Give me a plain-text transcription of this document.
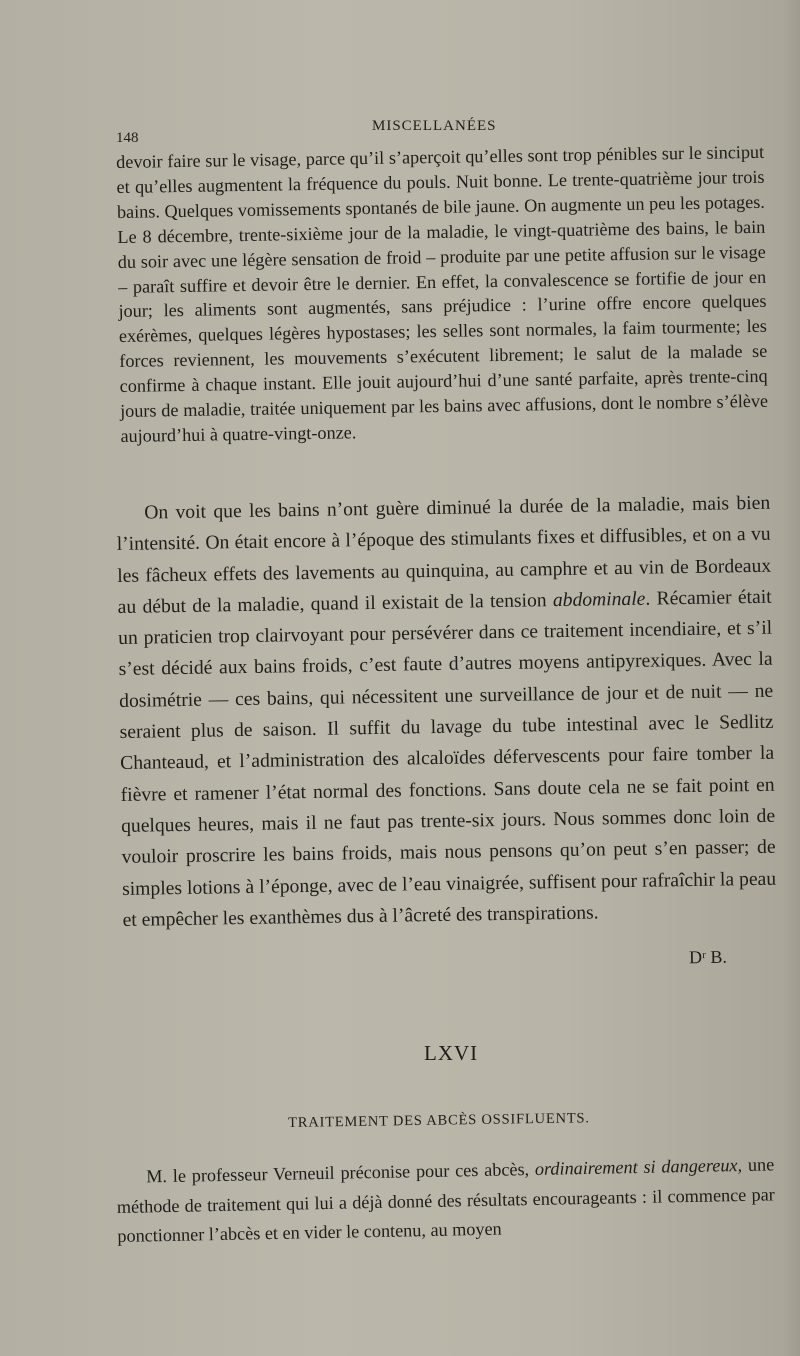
148
MISCELLANÉES

devoir faire sur le visage, parce qu’il s’aperçoit qu’elles sont trop pénibles sur le sinciput et qu’elles augmentent la fréquence du pouls. Nuit bonne. Le trente-quatrième jour trois bains. Quelques vomissements spontanés de bile jaune. On augmente un peu les potages. Le 8 décembre, trente-sixième jour de la maladie, le vingt-quatrième des bains, le bain du soir avec une légère sensation de froid – produite par une petite affusion sur le visage – paraît suffire et devoir être le dernier. En effet, la convalescence se fortifie de jour en jour; les aliments sont augmentés, sans préjudice : l’urine offre encore quelques exérèmes, quelques légères hypostases; les selles sont normales, la faim tourmente; les forces reviennent, les mouvements s’exécutent librement; le salut de la malade se confirme à chaque instant. Elle jouit aujourd’hui d’une santé parfaite, après trente-cinq jours de maladie, traitée uniquement par les bains avec affusions, dont le nombre s’élève aujourd’hui à quatre-vingt-onze.

On voit que les bains n’ont guère diminué la durée de la maladie, mais bien l’intensité. On était encore à l’époque des stimulants fixes et diffusibles, et on a vu les fâcheux effets des lavements au quinquina, au camphre et au vin de Bordeaux au début de la maladie, quand il existait de la tension abdominale. Récamier était un praticien trop clairvoyant pour persévérer dans ce traitement incendiaire, et s’il s’est décidé aux bains froids, c’est faute d’autres moyens antipyrexiques. Avec la dosimétrie — ces bains, qui nécessitent une surveillance de jour et de nuit — ne seraient plus de saison. Il suffit du lavage du tube intestinal avec le Sedlitz Chanteaud, et l’administration des alcaloïdes défervescents pour faire tomber la fièvre et ramener l’état normal des fonctions. Sans doute cela ne se fait point en quelques heures, mais il ne faut pas trente-six jours. Nous sommes donc loin de vouloir proscrire les bains froids, mais nous pensons qu’on peut s’en passer; de simples lotions à l’éponge, avec de l’eau vinaigrée, suffisent pour rafraîchir la peau et empêcher les exanthèmes dus à l’âcreté des transpirations.

Dʳ B.
LXVI
TRAITEMENT DES ABCÈS OSSIFLUENTS.

M. le professeur Verneuil préconise pour ces abcès, ordinairement si dangereux, une méthode de traitement qui lui a déjà donné des résultats encourageants : il commence par ponctionner l’abcès et en vider le contenu, au moyen
